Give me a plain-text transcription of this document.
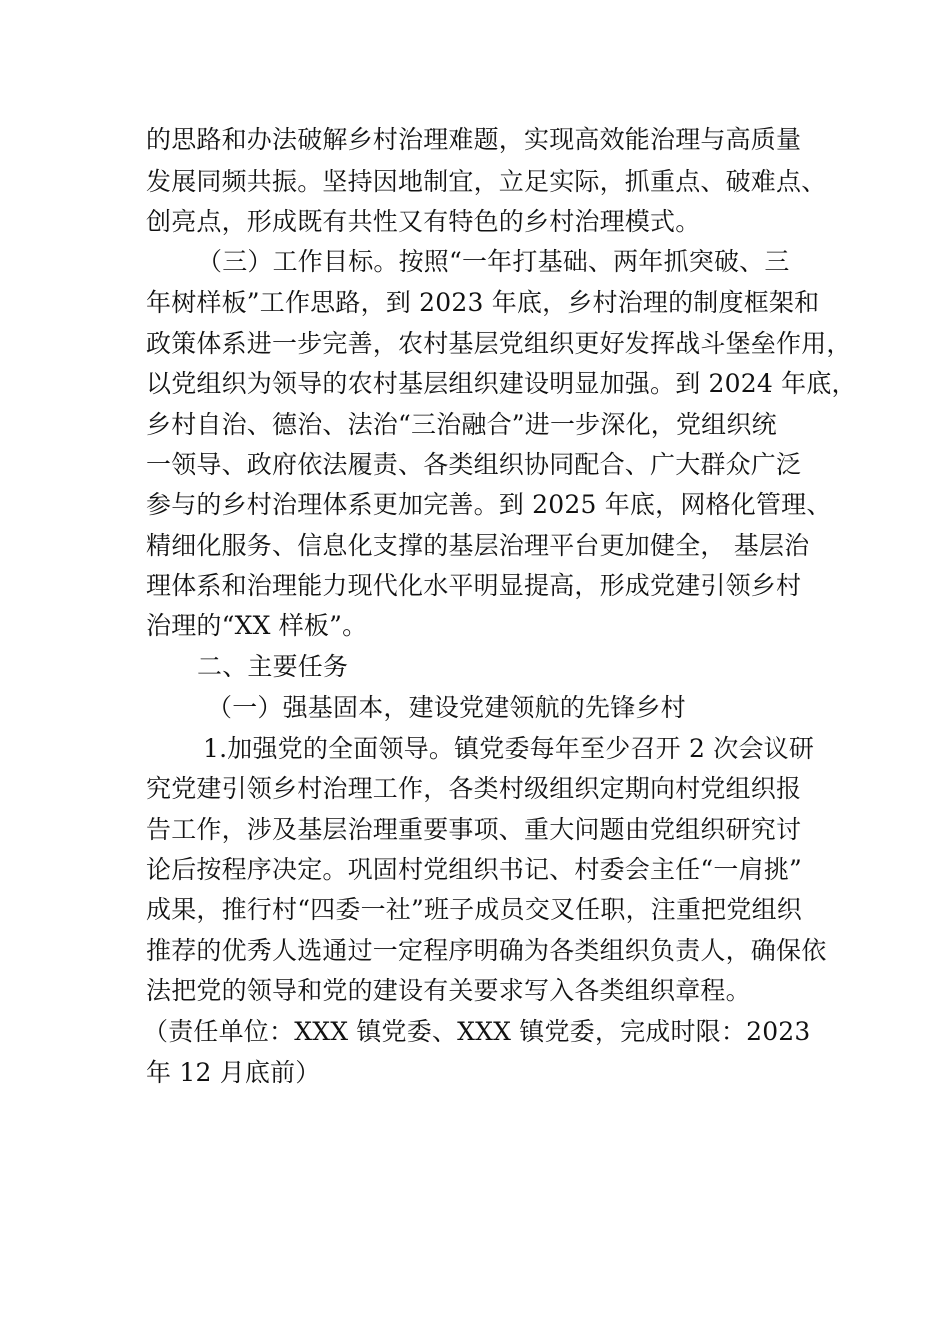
的思路和办法破解乡村治理难题，实现高效能治理与高质量
发展同频共振。坚持因地制宜，立足实际，抓重点、破难点、
创亮点，形成既有共性又有特色的乡村治理模式。
（三）工作目标。按照“一年打基础、两年抓突破、三
年树样板”工作思路，到 2023 年底，乡村治理的制度框架和
政策体系进一步完善，农村基层党组织更好发挥战斗堡垒作用，
以党组织为领导的农村基层组织建设明显加强。到 2024 年底，
乡村自治、德治、法治“三治融合”进一步深化，党组织统
一领导、政府依法履责、各类组织协同配合、广大群众广泛
参与的乡村治理体系更加完善。到 2025 年底，网格化管理、
精细化服务、信息化支撑的基层治理平台更加健全， 基层治
理体系和治理能力现代化水平明显提高，形成党建引领乡村
治理的“XX 样板”。
二、主要任务
（一）强基固本，建设党建领航的先锋乡村
1.加强党的全面领导。镇党委每年至少召开 2 次会议研
究党建引领乡村治理工作，各类村级组织定期向村党组织报
告工作，涉及基层治理重要事项、重大问题由党组织研究讨
论后按程序决定。巩固村党组织书记、村委会主任“一肩挑”
成果，推行村“四委一社”班子成员交叉任职，注重把党组织
推荐的优秀人选通过一定程序明确为各类组织负责人，确保依
法把党的领导和党的建设有关要求写入各类组织章程。
（责任单位：XXX 镇党委、XXX 镇党委，完成时限：2023
年 12 月底前）
